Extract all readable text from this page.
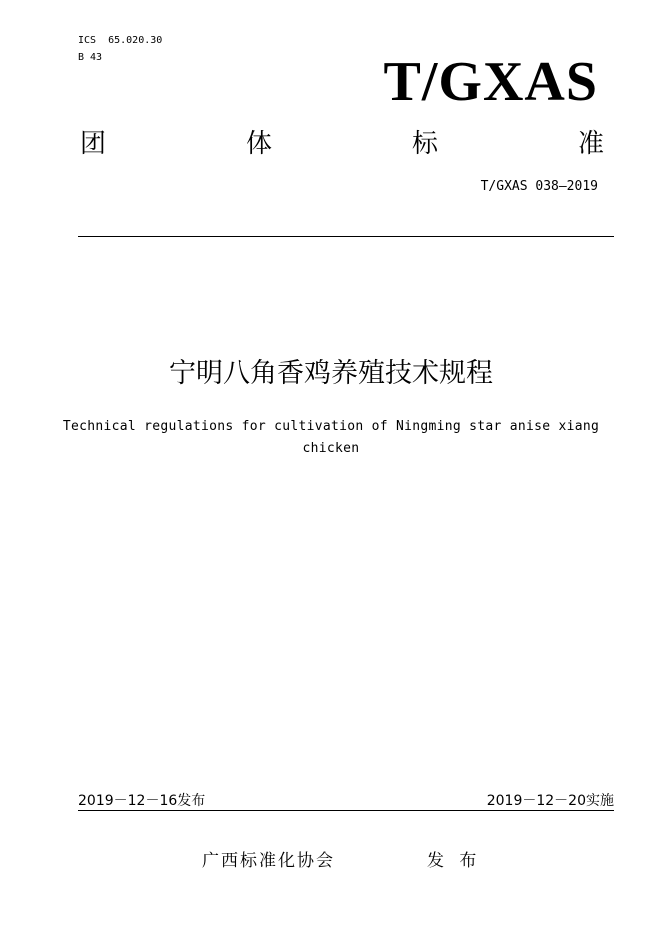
ICS  65.020.30
B 43	T/GXAS
团	体	标	准
T/GXAS 038—2019
宁明八角香鸡养殖技术规程
Technical regulations for cultivation of Ningming star anise xiang chicken
2019－12－16发布	2019－12－20实施
广西标准化协会	发 布
